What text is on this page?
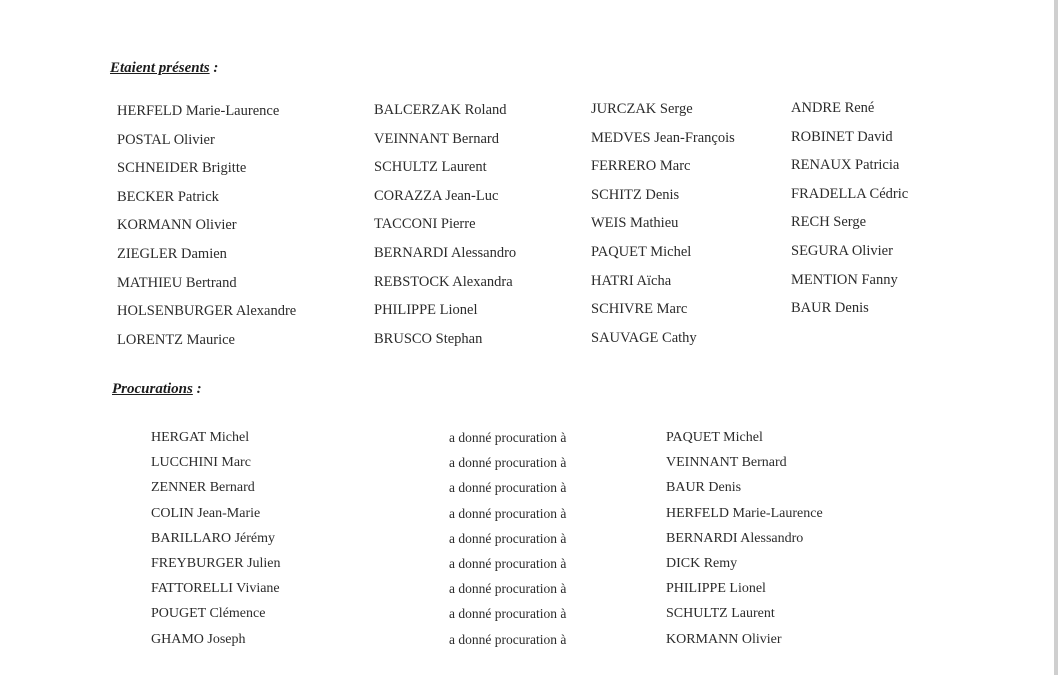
Etaient présents :
HERFELD Marie-Laurence
POSTAL Olivier
SCHNEIDER Brigitte
BECKER Patrick
KORMANN Olivier
ZIEGLER Damien
MATHIEU Bertrand
HOLSENBURGER Alexandre
LORENTZ Maurice
BALCERZAK Roland
VEINNANT Bernard
SCHULTZ Laurent
CORAZZA Jean-Luc
TACCONI Pierre
BERNARDI Alessandro
REBSTOCK Alexandra
PHILIPPE Lionel
BRUSCO Stephan
JURCZAK Serge
MEDVES Jean-François
FERRERO Marc
SCHITZ Denis
WEIS Mathieu
PAQUET Michel
HATRI Aïcha
SCHIVRE Marc
SAUVAGE Cathy
ANDRE René
ROBINET David
RENAUX Patricia
FRADELLA Cédric
RECH Serge
SEGURA Olivier
MENTION Fanny
BAUR Denis
Procurations :
HERGAT Michel	a donné procuration à	PAQUET Michel
LUCCHINI Marc	a donné procuration à	VEINNANT Bernard
ZENNER Bernard	a donné procuration à	BAUR Denis
COLIN Jean-Marie	a donné procuration à	HERFELD Marie-Laurence
BARILLARO Jérémy	a donné procuration à	BERNARDI Alessandro
FREYBURGER Julien	a donné procuration à	DICK Remy
FATTORELLI Viviane	a donné procuration à	PHILIPPE Lionel
POUGET Clémence	a donné procuration à	SCHULTZ Laurent
GHAMO Joseph	a donné procuration à	KORMANN Olivier
